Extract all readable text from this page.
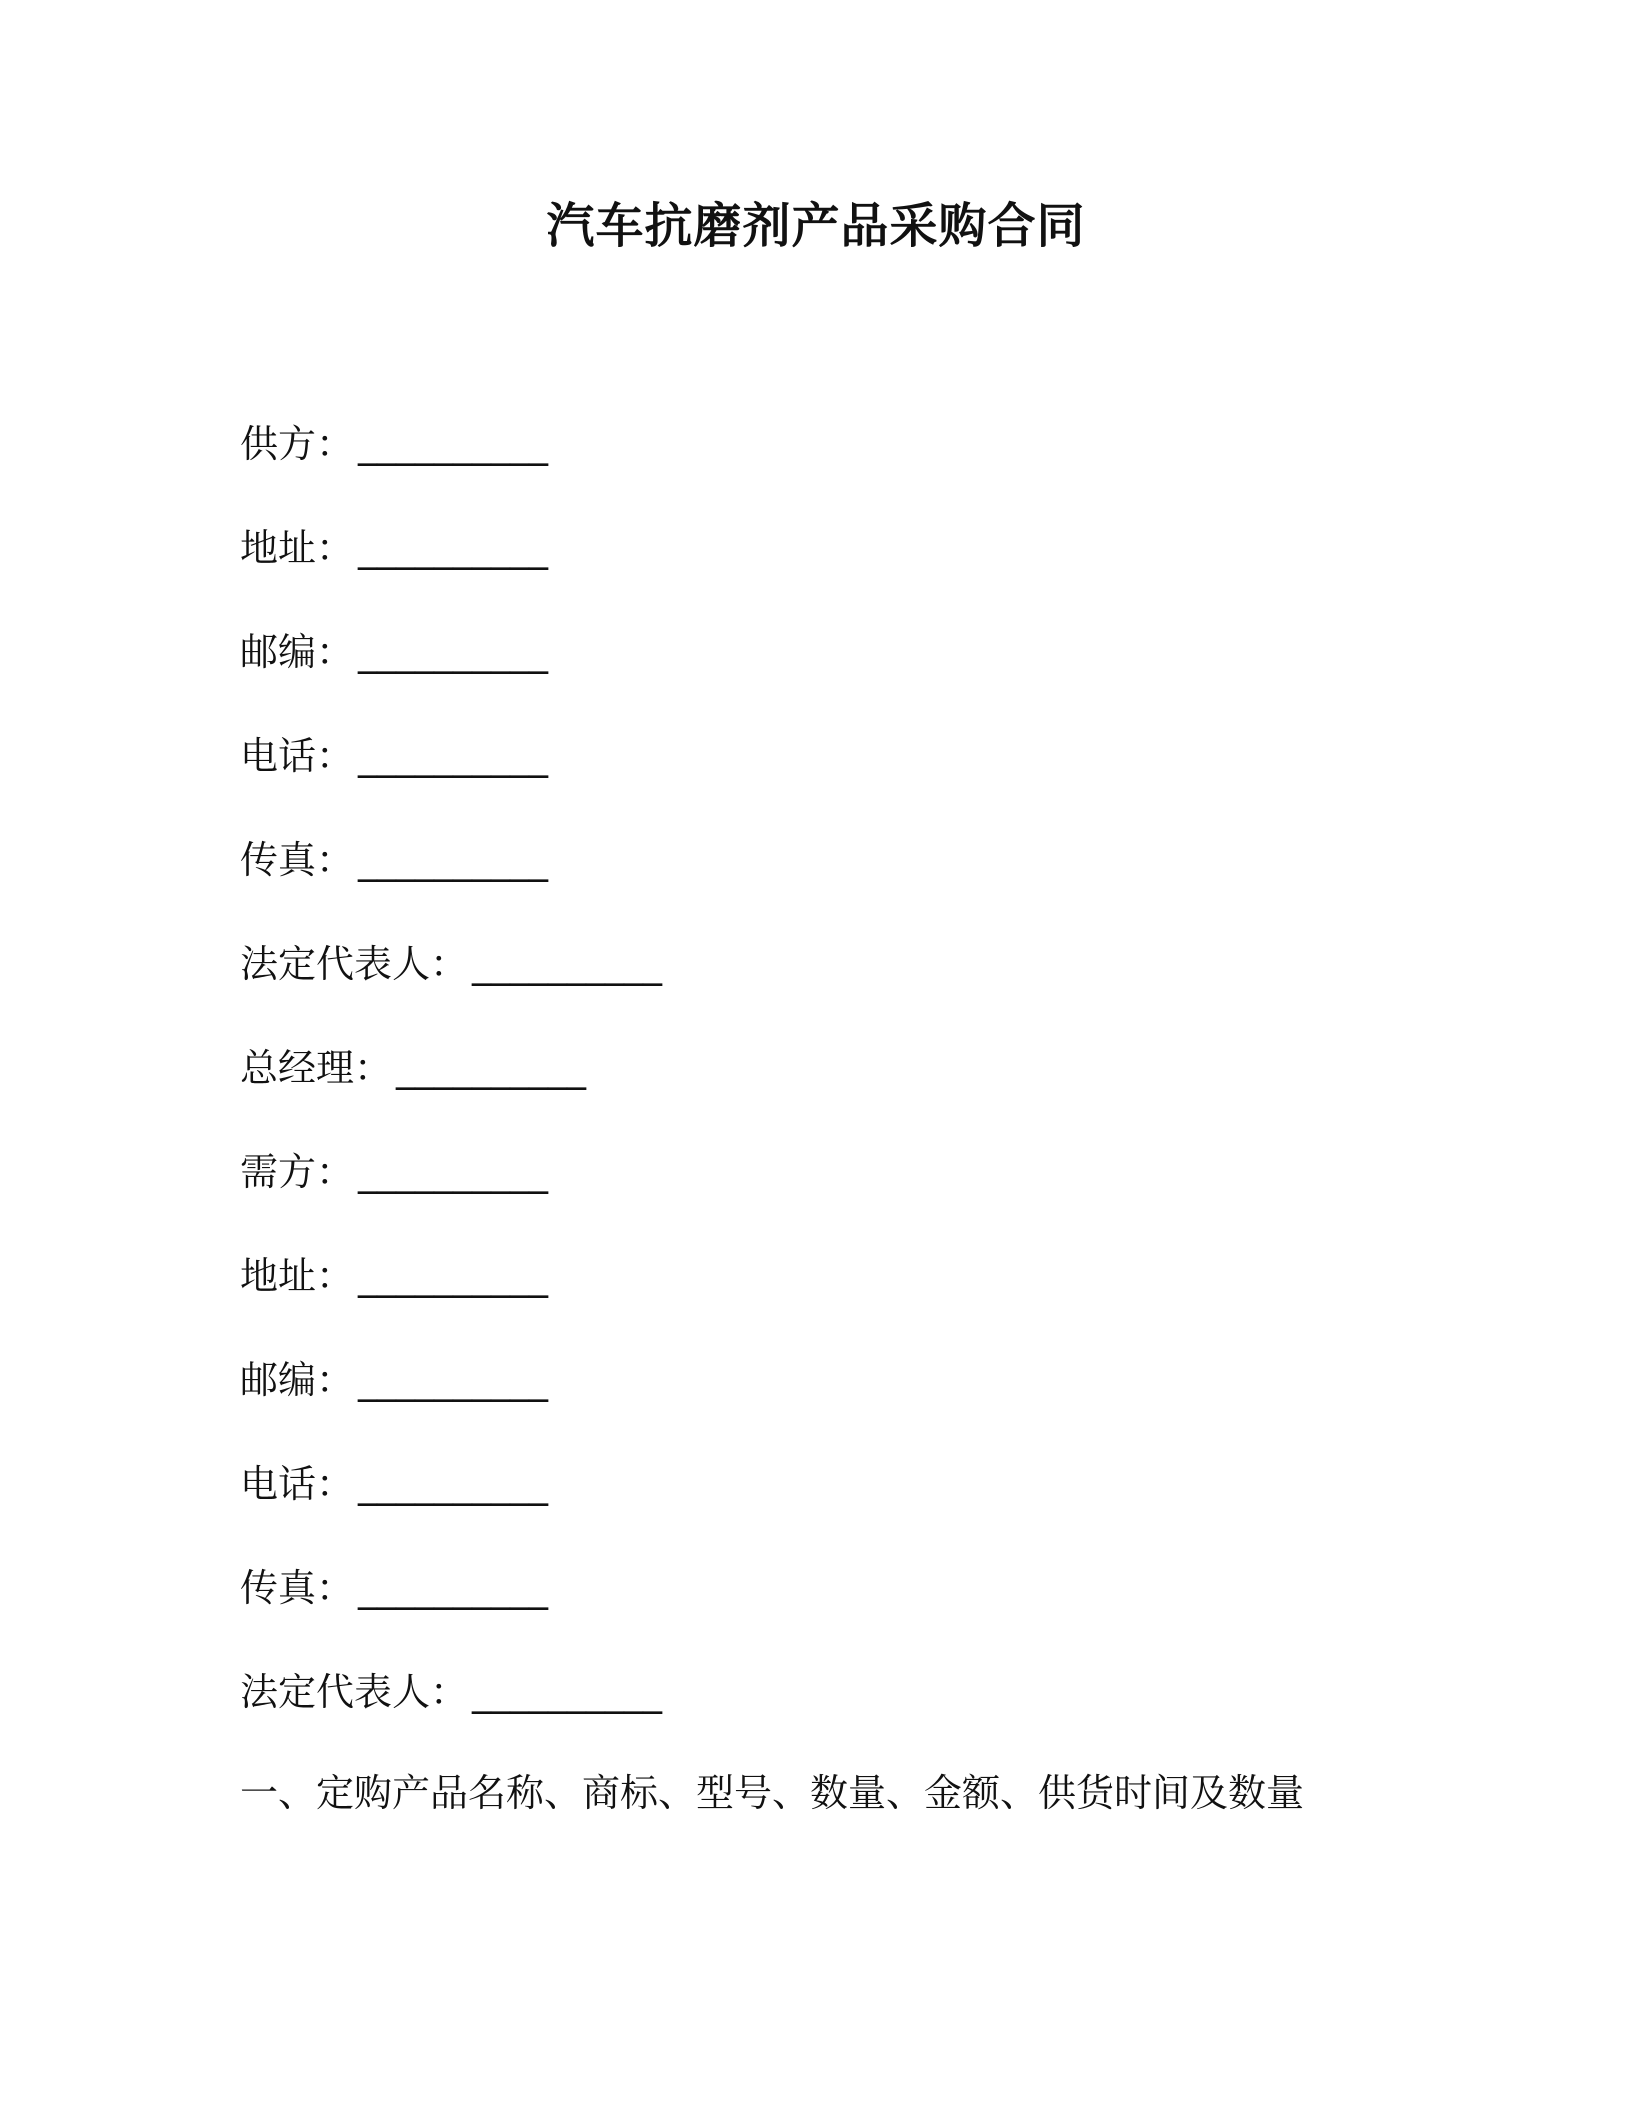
汽车抗磨剂产品采购合同
供方： __________
地址： __________
邮编： __________
电话： __________
传真： __________
法定代表人： __________
总经理： __________
需方： __________
地址： __________
邮编： __________
电话： __________
传真： __________
法定代表人： __________
一、定购产品名称、商标、型号、数量、金额、供货时间及数量
